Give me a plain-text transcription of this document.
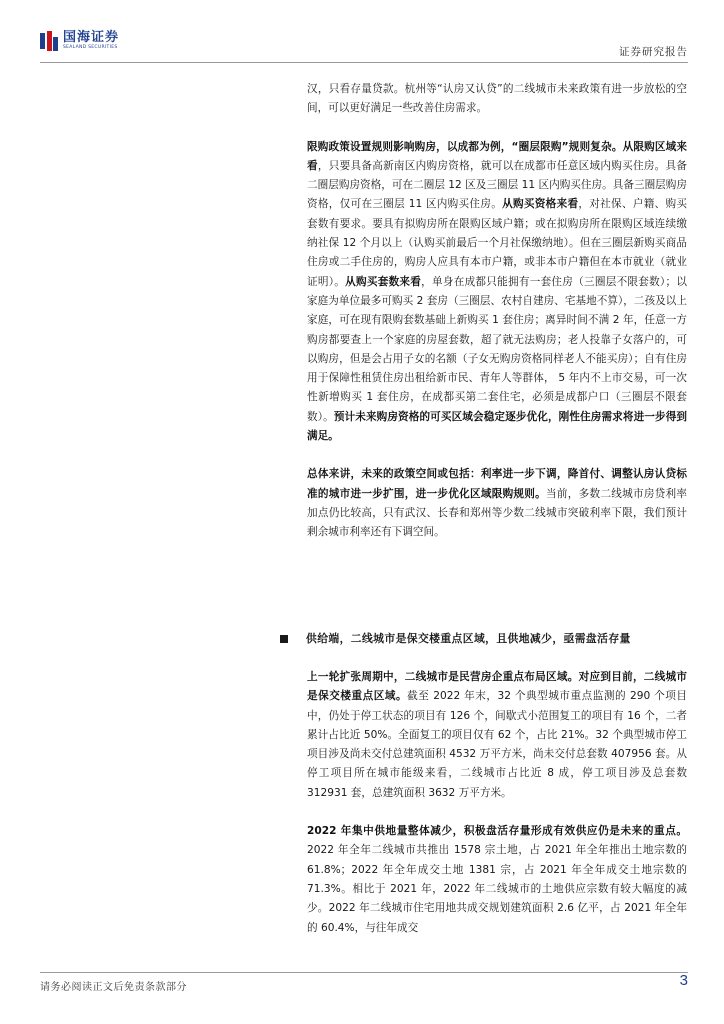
国海证券
SEALAND SECURITIES	证券研究报告

汉，只看存量贷款。杭州等“认房又认贷”的二线城市未来政策有进一步放松的空间，可以更好满足一些改善住房需求。

限购政策设置规则影响购房，以成都为例，“圈层限购”规则复杂。从限购区域来看，只要具备高新南区内购房资格，就可以在成都市任意区域内购买住房。具备二圈层购房资格，可在二圈层 12 区及三圈层 11 区内购买住房。具备三圈层购房资格，仅可在三圈层 11 区内购买住房。从购买资格来看，对社保、户籍、购买套数有要求。要具有拟购房所在限购区域户籍；或在拟购房所在限购区域连续缴纳社保 12 个月以上（认购买前最后一个月社保缴纳地）。但在三圈层新购买商品住房或二手住房的，购房人应具有本市户籍，或非本市户籍但在本市就业（就业证明）。从购买套数来看，单身在成都只能拥有一套住房（三圈层不限套数）；以家庭为单位最多可购买 2 套房（三圈层、农村自建房、宅基地不算），二孩及以上家庭，可在现有限购套数基础上新购买 1 套住房；离异时间不满 2 年，任意一方购房都要查上一个家庭的房屋套数，超了就无法购房；老人投靠子女落户的，可以购房，但是会占用子女的名额（子女无购房资格同样老人不能买房）；自有住房用于保障性租赁住房出租给新市民、青年人等群体， 5 年内不上市交易，可一次性新增购买 1 套住房，在成都买第二套住宅，必须是成都户口（三圈层不限套数）。预计未来购房资格的可买区域会稳定逐步优化，刚性住房需求将进一步得到满足。

总体来讲，未来的政策空间或包括：利率进一步下调，降首付、调整认房认贷标准的城市进一步扩围，进一步优化区域限购规则。当前，多数二线城市房贷利率加点仍比较高，只有武汉、长春和郑州等少数二线城市突破利率下限，我们预计剩余城市利率还有下调空间。

供给端，二线城市是保交楼重点区域，且供地减少，亟需盘活存量

上一轮扩张周期中，二线城市是民营房企重点布局区域。对应到目前，二线城市是保交楼重点区域。截至 2022 年末，32 个典型城市重点监测的 290 个项目中，仍处于停工状态的项目有 126 个，间歇式小范围复工的项目有 16 个，二者累计占比近 50%。全面复工的项目仅有 62 个，占比 21%。32 个典型城市停工项目涉及尚未交付总建筑面积 4532 万平方米，尚未交付总套数 407956 套。从停工项目所在城市能级来看，二线城市占比近 8 成，停工项目涉及总套数 312931 套，总建筑面积 3632 万平方米。

2022 年集中供地量整体减少，积极盘活存量形成有效供应仍是未来的重点。2022 年全年二线城市共推出 1578 宗土地，占 2021 年全年推出土地宗数的 61.8%；2022 年全年成交土地 1381 宗，占 2021 年全年成交土地宗数的 71.3%。相比于 2021 年，2022 年二线城市的土地供应宗数有较大幅度的减少。2022 年二线城市住宅用地共成交规划建筑面积 2.6 亿平，占 2021 年全年的 60.4%，与往年成交

请务必阅读正文后免责条款部分	3
